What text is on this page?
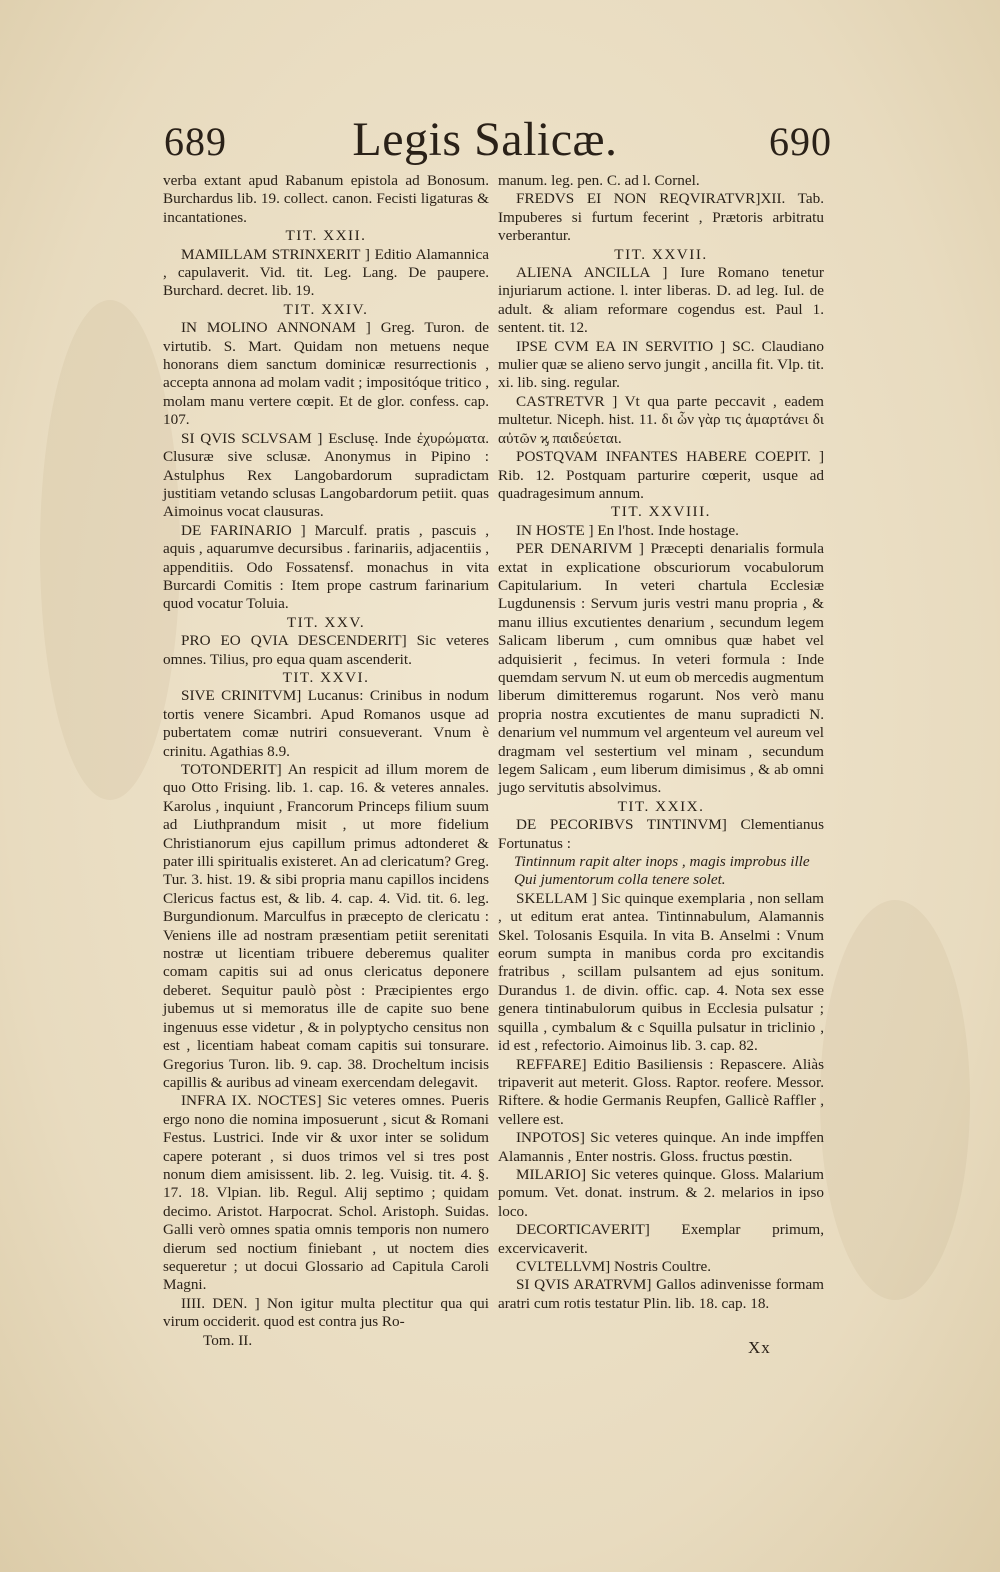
689	Legis Salicæ.	690

verba extant apud Rabanum epistola ad Bonosum. Burchardus lib. 19. collect. canon. Fecisti ligaturas & incantationes.

TIT. XXII.

MAMILLAM STRINXERIT ] Editio Alamannica , capulaverit. Vid. tit. Leg. Lang. De paupere. Burchard. decret. lib. 19.

TIT. XXIV.

IN MOLINO ANNONAM ] Greg. Turon. de virtutib. S. Mart. Quidam non metuens neque honorans diem sanctum dominicæ resurrectionis , accepta annona ad molam vadit ; impositóque tritico , molam manu vertere cœpit. Et de glor. confess. cap. 107.

SI QVIS SCLVSAM ] Esclusę. Inde ἐχυρώματα. Clusuræ sive sclusæ. Anonymus in Pipino : Astulphus Rex Langobardorum supradictam justitiam vetando sclusas Langobardorum petiit. quas Aimoinus vocat clausuras.

DE FARINARIO ] Marculf. pratis , pascuis , aquis , aquarumve decursibus . farinariis, adjacentiis , appenditiis. Odo Fossatensf. monachus in vita Burcardi Comitis : Item prope castrum farinarium quod vocatur Toluia.

TIT. XXV.

PRO EO QVIA DESCENDERIT] Sic veteres omnes. Tilius, pro equa quam ascenderit.

TIT. XXVI.

SIVE CRINITVM] Lucanus: Crinibus in nodum tortis venere Sicambri. Apud Romanos usque ad pubertatem comæ nutriri consueverant. Vnum è crinitu. Agathias 8.9.

TOTONDERIT] An respicit ad illum morem de quo Otto Frising. lib. 1. cap. 16. & veteres annales. Karolus , inquiunt , Francorum Princeps filium suum ad Liuthprandum misit , ut more fidelium Christianorum ejus capillum primus adtonderet & pater illi spiritualis existeret. An ad clericatum? Greg. Tur. 3. hist. 19. & sibi propria manu capillos incidens Clericus factus est, & lib. 4. cap. 4. Vid. tit. 6. leg. Burgundionum. Marculfus in præcepto de clericatu : Veniens ille ad nostram præsentiam petiit serenitati nostræ ut licentiam tribuere deberemus qualiter comam capitis sui ad onus clericatus deponere deberet. Sequitur paulò pòst : Præcipientes ergo jubemus ut si memoratus ille de capite suo bene ingenuus esse videtur , & in polyptycho censitus non est , licentiam habeat comam capitis sui tonsurare. Gregorius Turon. lib. 9. cap. 38. Drocheltum incisis capillis & auribus ad vineam exercendam delegavit.

INFRA IX. NOCTES] Sic veteres omnes. Pueris ergo nono die nomina imposuerunt , sicut & Romani Festus. Lustrici. Inde vir & uxor inter se solidum capere poterant , si duos trimos vel si tres post nonum diem amisissent. lib. 2. leg. Vuisig. tit. 4. §. 17. 18. Vlpian. lib. Regul. Alij septimo ; quidam decimo. Aristot. Harpocrat. Schol. Aristoph. Suidas. Galli verò omnes spatia omnis temporis non numero dierum sed noctium finiebant , ut noctem dies sequeretur ; ut docui Glossario ad Capitula Caroli Magni.

IIII. DEN. ] Non igitur multa plectitur qua qui virum occiderit. quod est contra jus Ro-

Tom. II.

manum. leg. pen. C. ad l. Cornel.

FREDVS EI NON REQVIRATVR]XII. Tab. Impuberes si furtum fecerint , Prætoris arbitratu verberantur.

TIT. XXVII.

ALIENA ANCILLA ] Iure Romano tenetur injuriarum actione. l. inter liberas. D. ad leg. Iul. de adult. & aliam reformare cogendus est. Paul 1. sentent. tit. 12.

IPSE CVM EA IN SERVITIO ] SC. Claudiano mulier quæ se alieno servo jungit , ancilla fit. Vlp. tit. xi. lib. sing. regular.

CASTRETVR ] Vt qua parte peccavit , eadem multetur. Niceph. hist. 11. δι ὧν γὰρ τις ἁμαρτάνει δι αὐτῶν ϗ παιδεύεται.

POSTQVAM INFANTES HABERE COEPIT. ] Rib. 12. Postquam parturire cœperit, usque ad quadragesimum annum.

TIT. XXVIII.

IN HOSTE ] En l'host. Inde hostage.

PER DENARIVM ] Præcepti denarialis formula extat in explicatione obscuriorum vocabulorum Capitularium. In veteri chartula Ecclesiæ Lugdunensis : Servum juris vestri manu propria , & manu illius excutientes denarium , secundum legem Salicam liberum , cum omnibus quæ habet vel adquisierit , fecimus. In veteri formula : Inde quemdam servum N. ut eum ob mercedis augmentum liberum dimitteremus rogarunt. Nos verò manu propria nostra excutientes de manu supradicti N. denarium vel nummum vel argenteum vel aureum vel dragmam vel sestertium vel minam , secundum legem Salicam , eum liberum dimisimus , & ab omni jugo servitutis absolvimus.

TIT. XXIX.

DE PECORIBVS TINTINVM] Clementianus Fortunatus :

Tintinnum rapit alter inops , magis improbus ille Qui jumentorum colla tenere solet.

SKELLAM ] Sic quinque exemplaria , non sellam , ut editum erat antea. Tintinnabulum, Alamannis Skel. Tolosanis Esquila. In vita B. Anselmi : Vnum eorum sumpta in manibus corda pro excitandis fratribus , scillam pulsantem ad ejus sonitum. Durandus 1. de divin. offic. cap. 4. Nota sex esse genera tintinabulorum quibus in Ecclesia pulsatur ; squilla , cymbalum & c Squilla pulsatur in triclinio , id est , refectorio. Aimoinus lib. 3. cap. 82.

REFFARE] Editio Basiliensis : Repascere. Aliàs tripaverit aut meterit. Gloss. Raptor. reofere. Messor. Riftere. & hodie Germanis Reupfen, Gallicè Raffler , vellere est.

INPOTOS] Sic veteres quinque. An inde impffen Alamannis , Enter nostris. Gloss. fructus pœstin.

MILARIO] Sic veteres quinque. Gloss. Malarium pomum. Vet. donat. instrum. & 2. melarios in ipso loco.

DECORTICAVERIT] Exemplar primum, excervicaverit.

CVLTELLVM] Nostris Coultre.

SI QVIS ARATRVM] Gallos adinvenisse formam aratri cum rotis testatur Plin. lib. 18. cap. 18.

Xx
